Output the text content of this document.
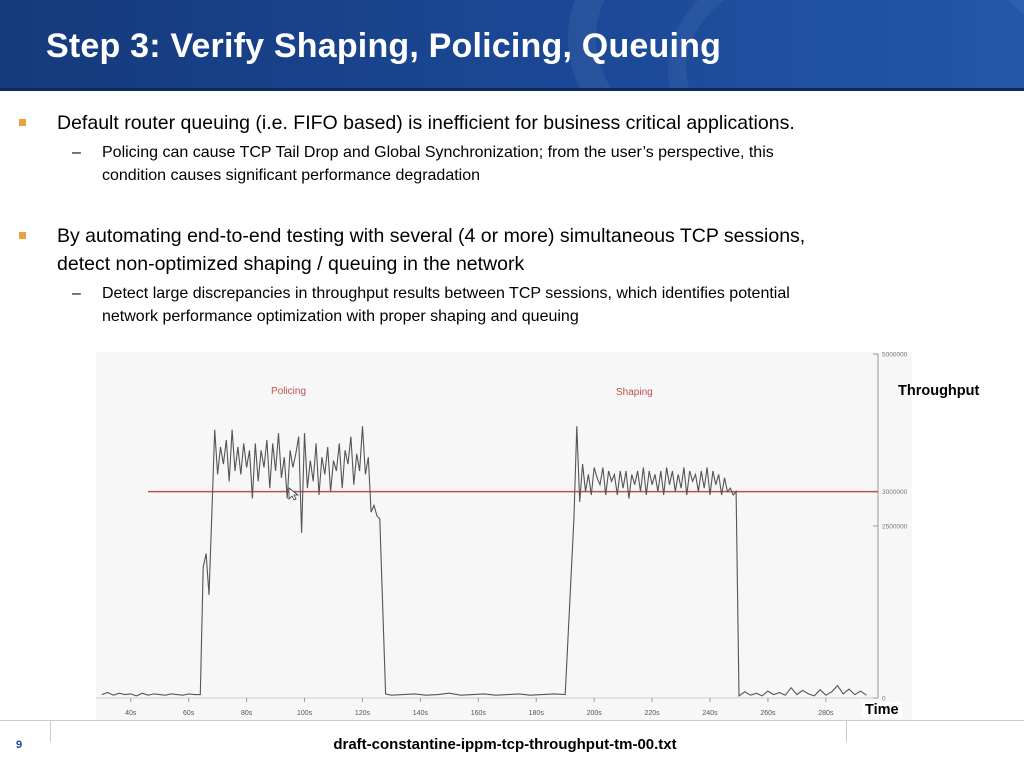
Step 3: Verify Shaping, Policing, Queuing
Default router queuing (i.e. FIFO based) is inefficient for business critical applications.
– Policing can cause TCP Tail Drop and Global Synchronization; from the user’s perspective, this
condition causes significant performance degradation
By automating end-to-end testing with several (4 or more) simultaneous TCP sessions,
detect non-optimized shaping / queuing in the network
– Detect large discrepancies in throughput results between TCP sessions, which identifies potential
network performance optimization with proper shaping and queuing
5000000
3000000
2500000
0
40s	60s	80s	100s	120s	140s	160s	180s	200s	220s	240s	260s	280s
Policing	Shaping	Throughput
Time
9	draft-constantine-ippm-tcp-throughput-tm-00.txt
